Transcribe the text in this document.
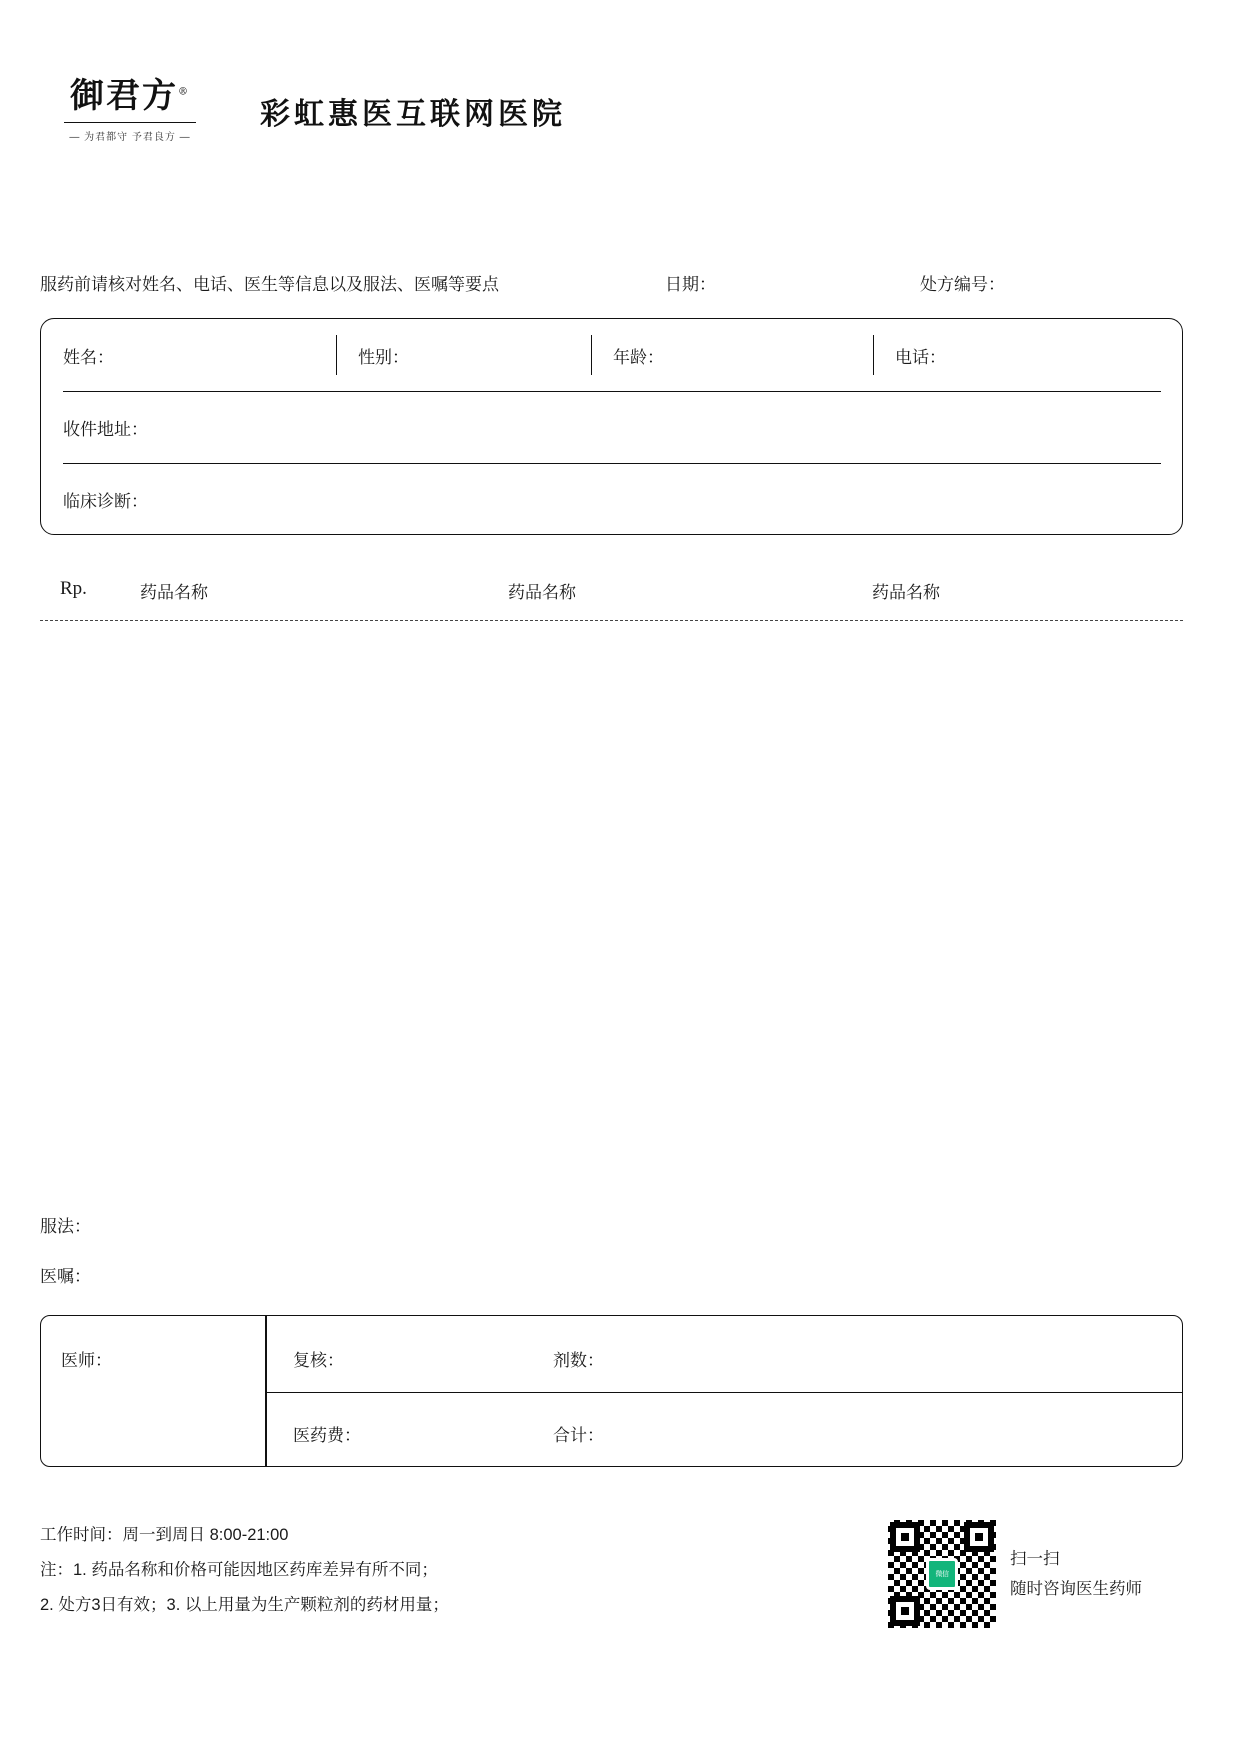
御君方®
— 为君都守 予君良方 —
彩虹惠医互联网医院
服药前请核对姓名、电话、医生等信息以及服法、医嘱等要点	日期：	处方编号：
姓名：	性别：	年龄：	电话：
收件地址：
临床诊断：
Rp.	药品名称	药品名称	药品名称
服法：
医嘱：
医师：	复核：	剂数：
医药费：	合计：
工作时间：周一到周日 8:00-21:00
注：1. 药品名称和价格可能因地区药库差异有所不同；
2. 处方3日有效；3. 以上用量为生产颗粒剂的药材用量；
微信
扫一扫
随时咨询医生药师
